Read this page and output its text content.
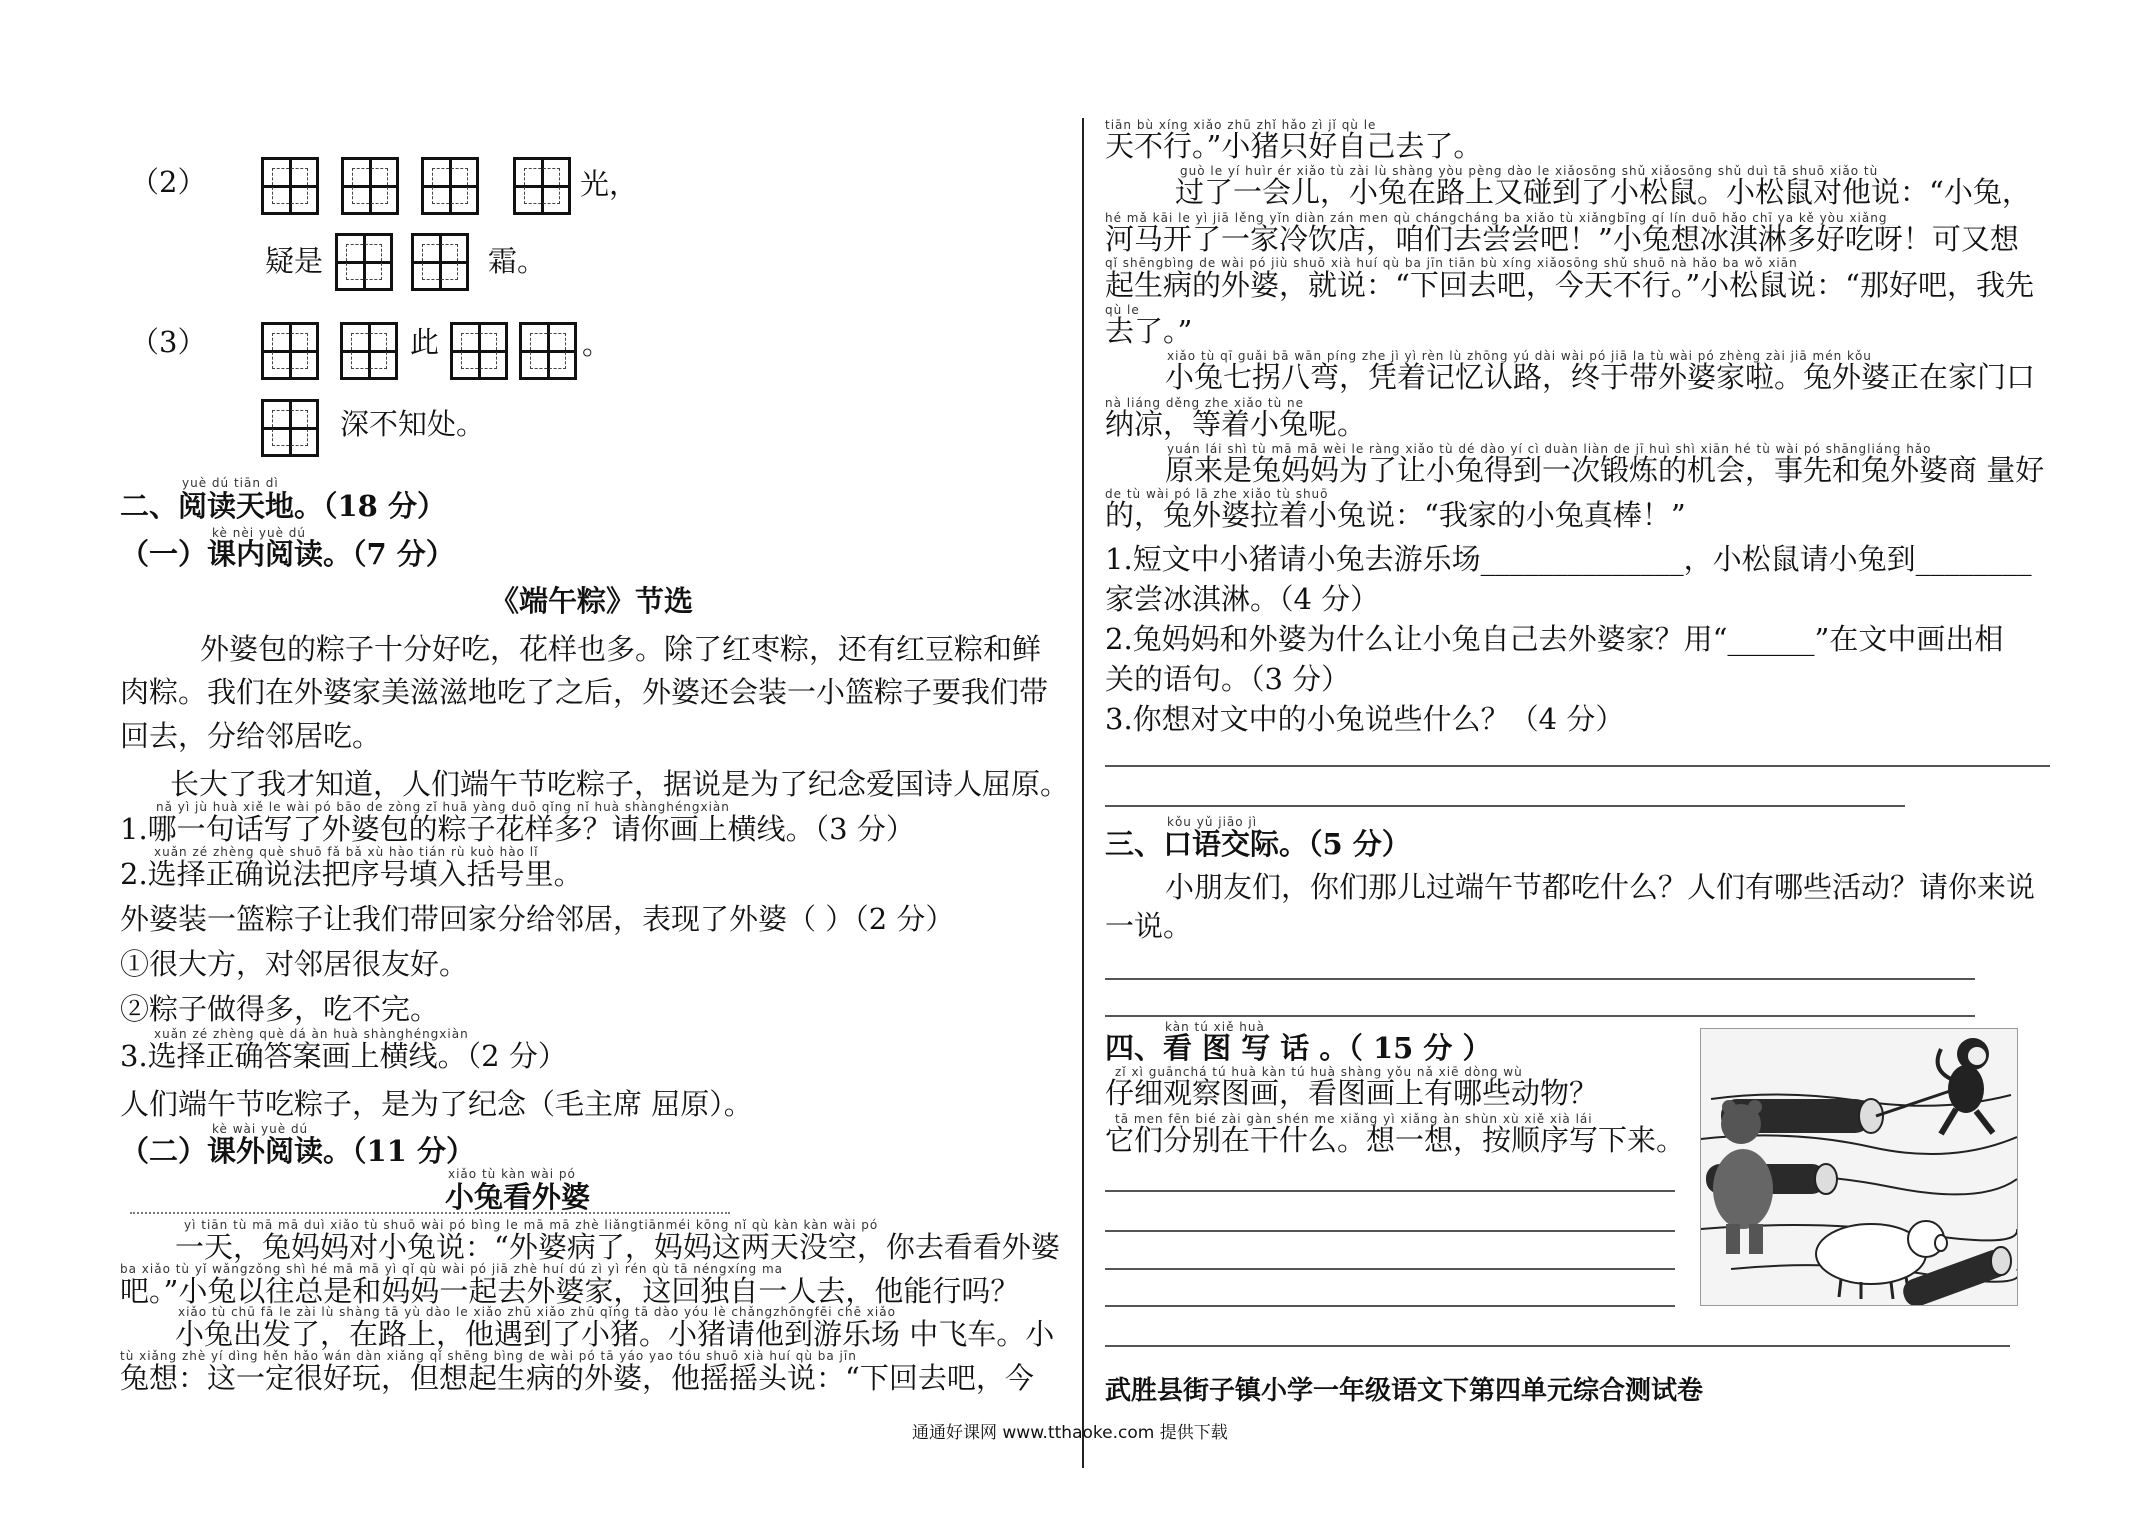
（2）	光，
疑是	霜。
（3）	此	。
深不知处。
yuè dú tiān dì
二、阅读天地。（18 分）
kè nèi yuè dú
（一）课内阅读。（7 分）
《端午粽》节选
外婆包的粽子十分好吃，花样也多。除了红枣粽，还有红豆粽和鲜
肉粽。我们在外婆家美滋滋地吃了之后，外婆还会装一小篮粽子要我们带
回去，分给邻居吃。
长大了我才知道，人们端午节吃粽子，据说是为了纪念爱国诗人屈原。
nǎ yì jù huà xiě le wài pó bāo de zòng zǐ huā yàng duō qǐng nǐ huà shànghéngxiàn
1.哪一句话写了外婆包的粽子花样多？请你画上横线。（3 分）
xuǎn zé zhèng què shuō fǎ bǎ xù hào tián rù kuò hào lǐ
2.选择正确说法把序号填入括号里。
外婆装一篮粽子让我们带回家分给邻居，表现了外婆（ ）（2 分）
①很大方，对邻居很友好。
②粽子做得多，吃不完。
xuǎn zé zhèng què dá àn huà shànghéngxiàn
3.选择正确答案画上横线。（2 分）
人们端午节吃粽子，是为了纪念（毛主席 屈原）。
kè wài yuè dú
（二）课外阅读。（11 分）
xiǎo tù kàn wài pó
小兔看外婆
yì tiān tù mā mā duì xiǎo tù shuō wài pó bìng le mā mā zhè liǎngtiānméi kōng nǐ qù kàn kàn wài pó
一天，兔妈妈对小兔说：“外婆病了，妈妈这两天没空，你去看看外婆
ba xiǎo tù yǐ wǎngzǒng shì hé mā mā yì qǐ qù wài pó jiā zhè huí dú zì yì rén qù tā néngxíng ma
吧。”小兔以往总是和妈妈一起去外婆家，这回独自一人去，他能行吗？
xiǎo tù chū fā le zài lù shàng tā yù dào le xiǎo zhū xiǎo zhū qǐng tā dào yóu lè chǎngzhōngfēi chē xiǎo
小兔出发了，在路上，他遇到了小猪。小猪请他到游乐场 中飞车。小
tù xiǎng zhè yí dìng hěn hǎo wán dàn xiǎng qǐ shēng bìng de wài pó tā yáo yao tóu shuō xià huí qù ba jīn
兔想：这一定很好玩，但想起生病的外婆，他摇摇头说：“下回去吧，今
tiān bù xíng xiǎo zhū zhǐ hǎo zì jǐ qù le
天不行。”小猪只好自己去了。
guò le yí huìr ér xiǎo tù zài lù shàng yòu pèng dào le xiǎosōng shǔ xiǎosōng shǔ duì tā shuō xiǎo tù
过了一会儿，小兔在路上又碰到了小松鼠。小松鼠对他说：“小兔，
hé mǎ kāi le yì jiā lěng yǐn diàn zán men qù chángcháng ba xiǎo tù xiǎngbīng qí lín duō hǎo chī ya kě yòu xiǎng
河马开了一家冷饮店，咱们去尝尝吧！”小兔想冰淇淋多好吃呀！可又想
qǐ shēngbìng de wài pó jiù shuō xià huí qù ba jīn tiān bù xíng xiǎosōng shǔ shuō nà hǎo ba wǒ xiān
起生病的外婆，就说：“下回去吧，今天不行。”小松鼠说：“那好吧，我先
qù le
去了。”
xiǎo tù qī guǎi bā wān píng zhe jì yì rèn lù zhōng yú dài wài pó jiā la tù wài pó zhèng zài jiā mén kǒu
小兔七拐八弯，凭着记忆认路，终于带外婆家啦。兔外婆正在家门口
nà liáng děng zhe xiǎo tù ne
纳凉，等着小兔呢。
yuán lái shì tù mā mā wèi le ràng xiǎo tù dé dào yí cì duàn liàn de jī huì shì xiān hé tù wài pó shāngliáng hǎo
原来是兔妈妈为了让小兔得到一次锻炼的机会，事先和兔外婆商 量好
de tù wài pó lā zhe xiǎo tù shuō
的，兔外婆拉着小兔说：“我家的小兔真棒！”
1.短文中小猪请小兔去游乐场______________，小松鼠请小兔到________
家尝冰淇淋。（4 分）
2.兔妈妈和外婆为什么让小兔自己去外婆家？用“______”在文中画出相
关的语句。（3 分）
3.你想对文中的小兔说些什么？（4 分）
kǒu yǔ jiāo jì
三、口语交际。（5 分）
小朋友们，你们那儿过端午节都吃什么？人们有哪些活动？请你来说
一说。
kàn tú xiě huà
四、看 图 写 话 。（ 15 分 ）
zǐ xì guānchá tú huà kàn tú huà shàng yǒu nǎ xiē dòng wù
仔细观察图画，看图画上有哪些动物？
tā men fēn bié zài gàn shén me xiǎng yì xiǎng àn shùn xù xiě xià lái
它们分别在干什么。想一想，按顺序写下来。
武胜县街子镇小学一年级语文下第四单元综合测试卷
通通好课网 www.tthaoke.com 提供下载
